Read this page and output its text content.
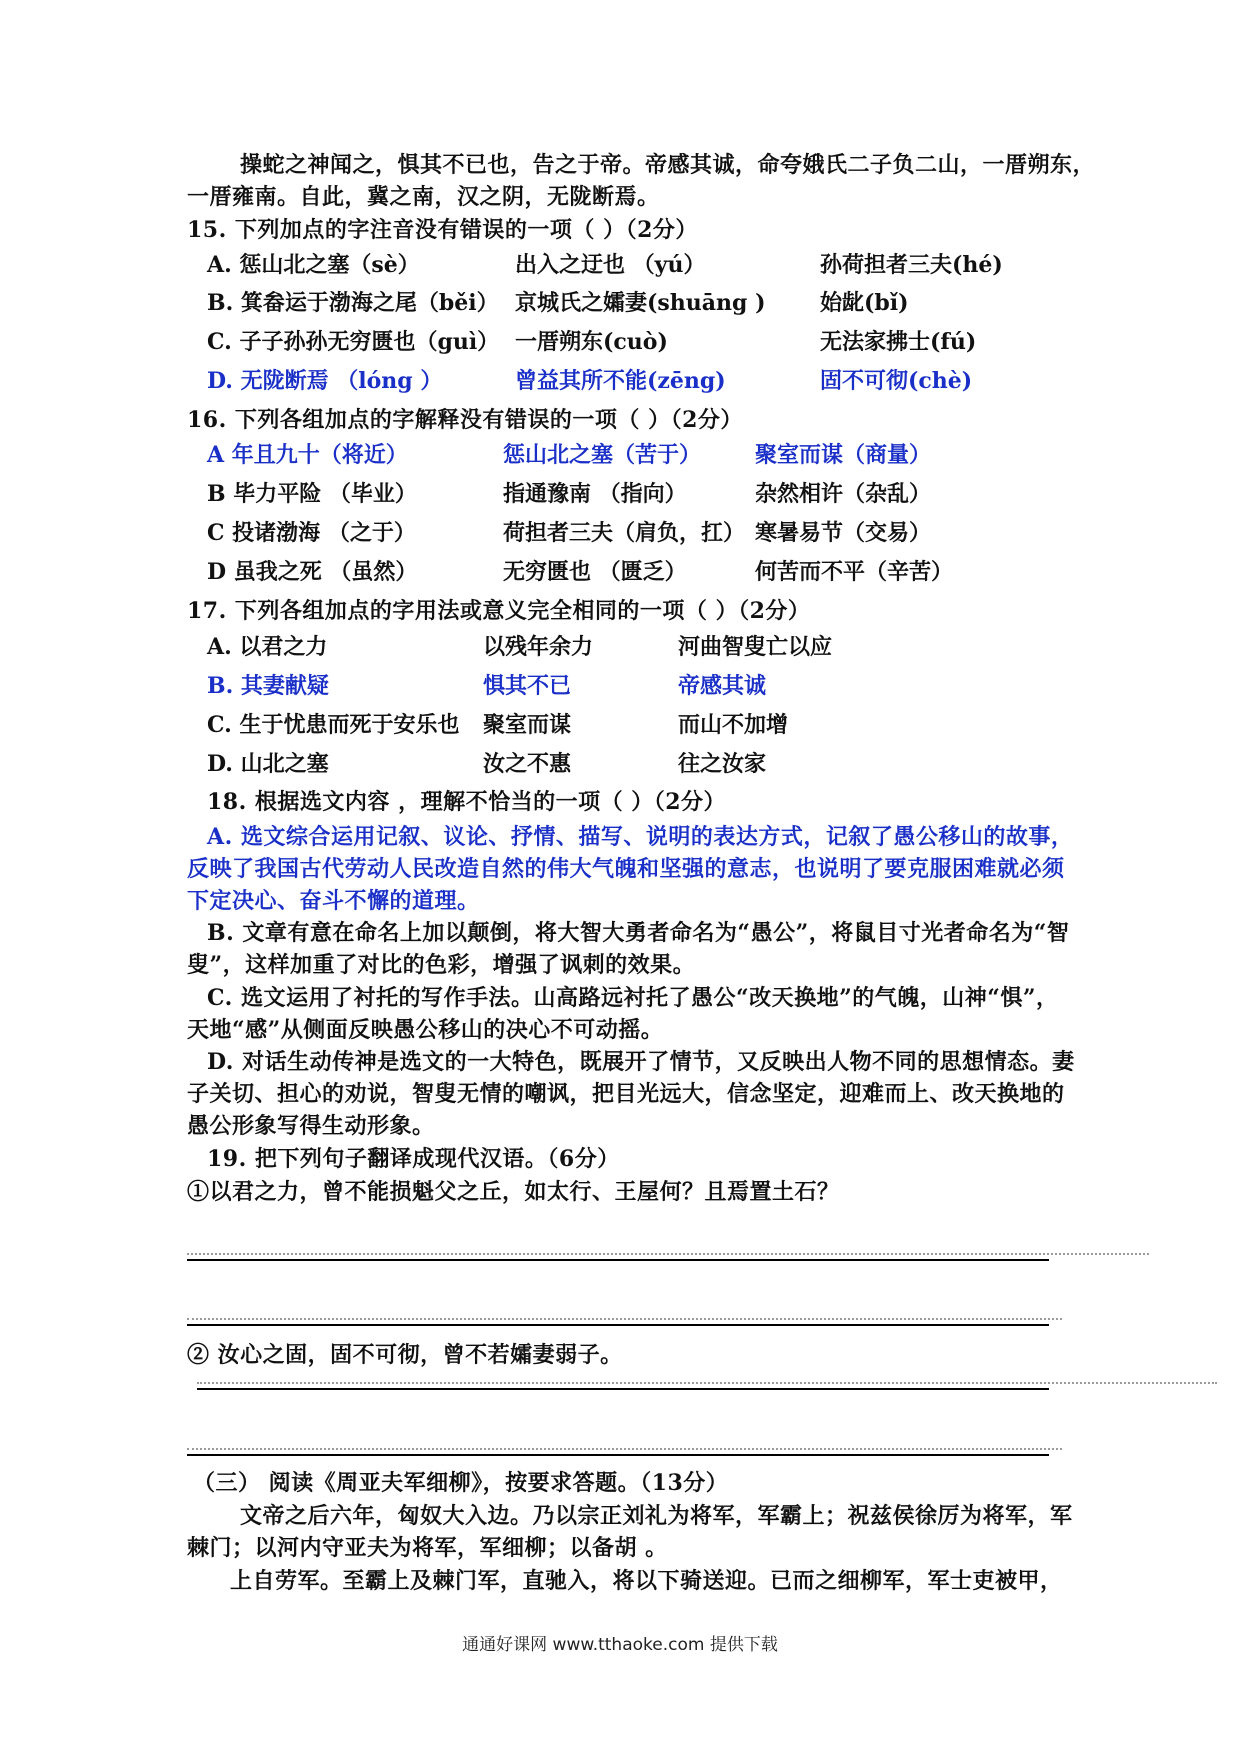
操蛇之神闻之，惧其不已也，告之于帝。帝感其诚，命夸娥氏二子负二山，一厝朔东，
一厝雍南。自此，冀之南，汉之阴，无陇断焉。
15. 下列加点的字注音没有错误的一项（ ）（2分）
A. 惩山北之塞（sè）	出入之迂也 （yú）	孙荷担者三夫(hé)
B. 箕畚运于渤海之尾（běi） 京城氏之孀妻(shuāng ) 始龀(bǐ)
C. 子子孙孙无穷匮也（guì） 一厝朔东(cuò)	无法家拂士(fú)
D. 无陇断焉 （lóng ）	曾益其所不能(zēng)	固不可彻(chè)
16. 下列各组加点的字解释没有错误的一项（ ）（2分）
A 年且九十（将近）	惩山北之塞（苦于） 聚室而谋（商量）
B 毕力平险 （毕业）	指通豫南 （指向）	杂然相许（杂乱）
C 投诸渤海 （之于）	荷担者三夫（肩负，扛） 寒暑易节（交易）
D 虽我之死 （虽然）	无穷匮也 （匮乏）	何苦而不平（辛苦）
17. 下列各组加点的字用法或意义完全相同的一项（ ）（2分）
A. 以君之力	以残年余力	河曲智叟亡以应
B. 其妻献疑	惧其不已	帝感其诚
C. 生于忧患而死于安乐也 聚室而谋	而山不加增
D. 山北之塞	汝之不惠	往之汝家
18. 根据选文内容 ，理解不恰当的一项（ ）（2分）
A. 选文综合运用记叙、议论、抒情、描写、说明的表达方式，记叙了愚公移山的故事，
反映了我国古代劳动人民改造自然的伟大气魄和坚强的意志，也说明了要克服困难就必须
下定决心、奋斗不懈的道理。
B. 文章有意在命名上加以颠倒，将大智大勇者命名为“愚公”，将鼠目寸光者命名为“智
叟”，这样加重了对比的色彩，增强了讽刺的效果。
C. 选文运用了衬托的写作手法。山高路远衬托了愚公“改天换地”的气魄，山神“惧”，
天地“感”从侧面反映愚公移山的决心不可动摇。
D. 对话生动传神是选文的一大特色，既展开了情节，又反映出人物不同的思想情态。妻
子关切、担心的劝说，智叟无情的嘲讽，把目光远大，信念坚定，迎难而上、改天换地的
愚公形象写得生动形象。
19. 把下列句子翻译成现代汉语。（6分）
①以君之力，曾不能损魁父之丘，如太行、王屋何？且焉置土石？
② 汝心之固，固不可彻，曾不若孀妻弱子。
（三） 阅读《周亚夫军细柳》，按要求答题。（13分）
文帝之后六年，匈奴大入边。乃以宗正刘礼为将军，军霸上；祝兹侯徐厉为将军，军
棘门；以河内守亚夫为将军，军细柳；以备胡 。
上自劳军。至霸上及棘门军，直驰入，将以下骑送迎。已而之细柳军，军士吏被甲，
通通好课网 www.tthaoke.com 提供下载
